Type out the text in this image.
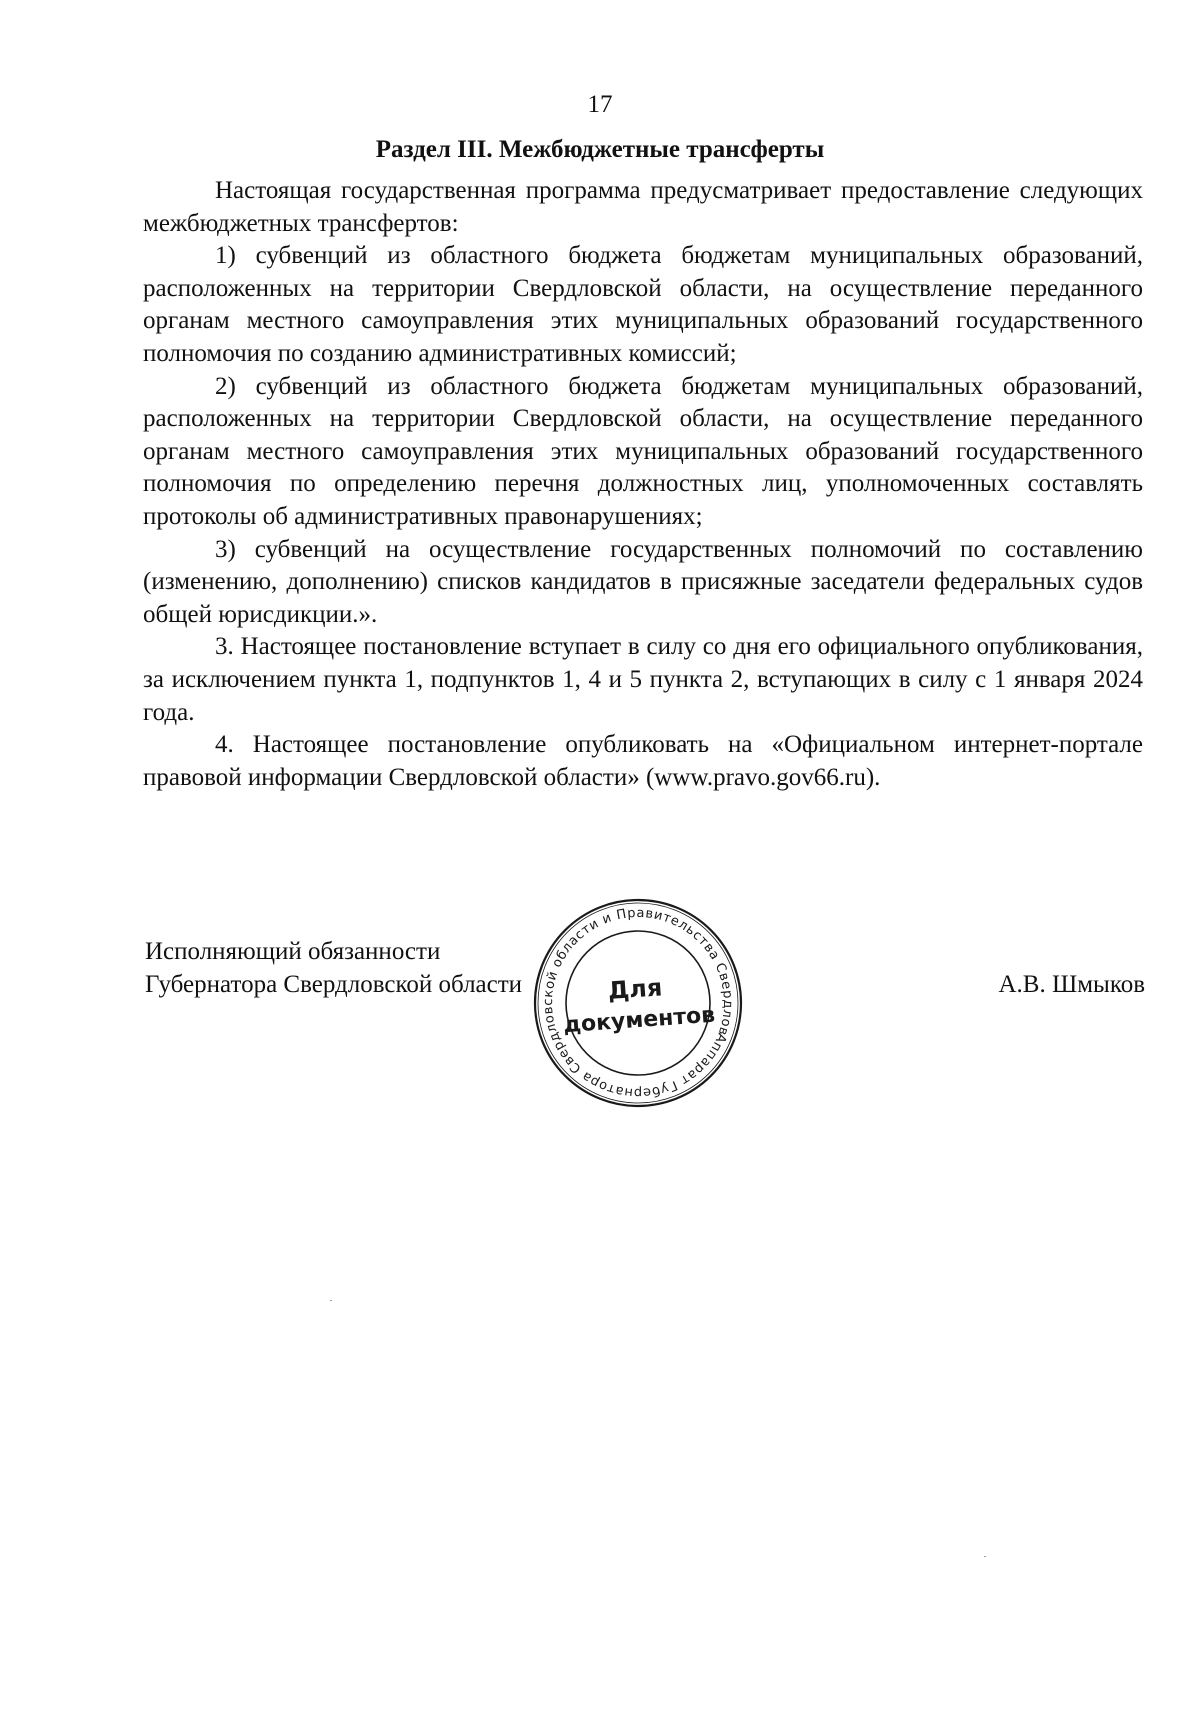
17
Раздел III. Межбюджетные трансферты

Настоящая государственная программа предусматривает предоставление следующих межбюджетных трансфертов:

1) субвенций из областного бюджета бюджетам муниципальных образований, расположенных на территории Свердловской области, на осуществление переданного органам местного самоуправления этих муниципальных образований государственного полномочия по созданию административных комиссий;

2) субвенций из областного бюджета бюджетам муниципальных образований, расположенных на территории Свердловской области, на осуществление переданного органам местного самоуправления этих муниципальных образований государственного полномочия по определению перечня должностных лиц, уполномоченных составлять протоколы об административных правонарушениях;

3) субвенций на осуществление государственных полномочий по составлению (изменению, дополнению) списков кандидатов в присяжные заседатели федеральных судов общей юрисдикции.».

3. Настоящее постановление вступает в силу со дня его официального опубликования, за исключением пункта 1, подпунктов 1, 4 и 5 пункта 2, вступающих в силу с 1 января 2024 года.

4. Настоящее постановление опубликовать на «Официальном интернет-портале правовой информации Свердловской области» (www.pravo.gov66.ru).

Исполняющий обязанности
Губернатора Свердловской области	А.В. Шмыков
Аппарат Губернатора Свердловской области и Правительства Свердловской области ✱
Для
документов
